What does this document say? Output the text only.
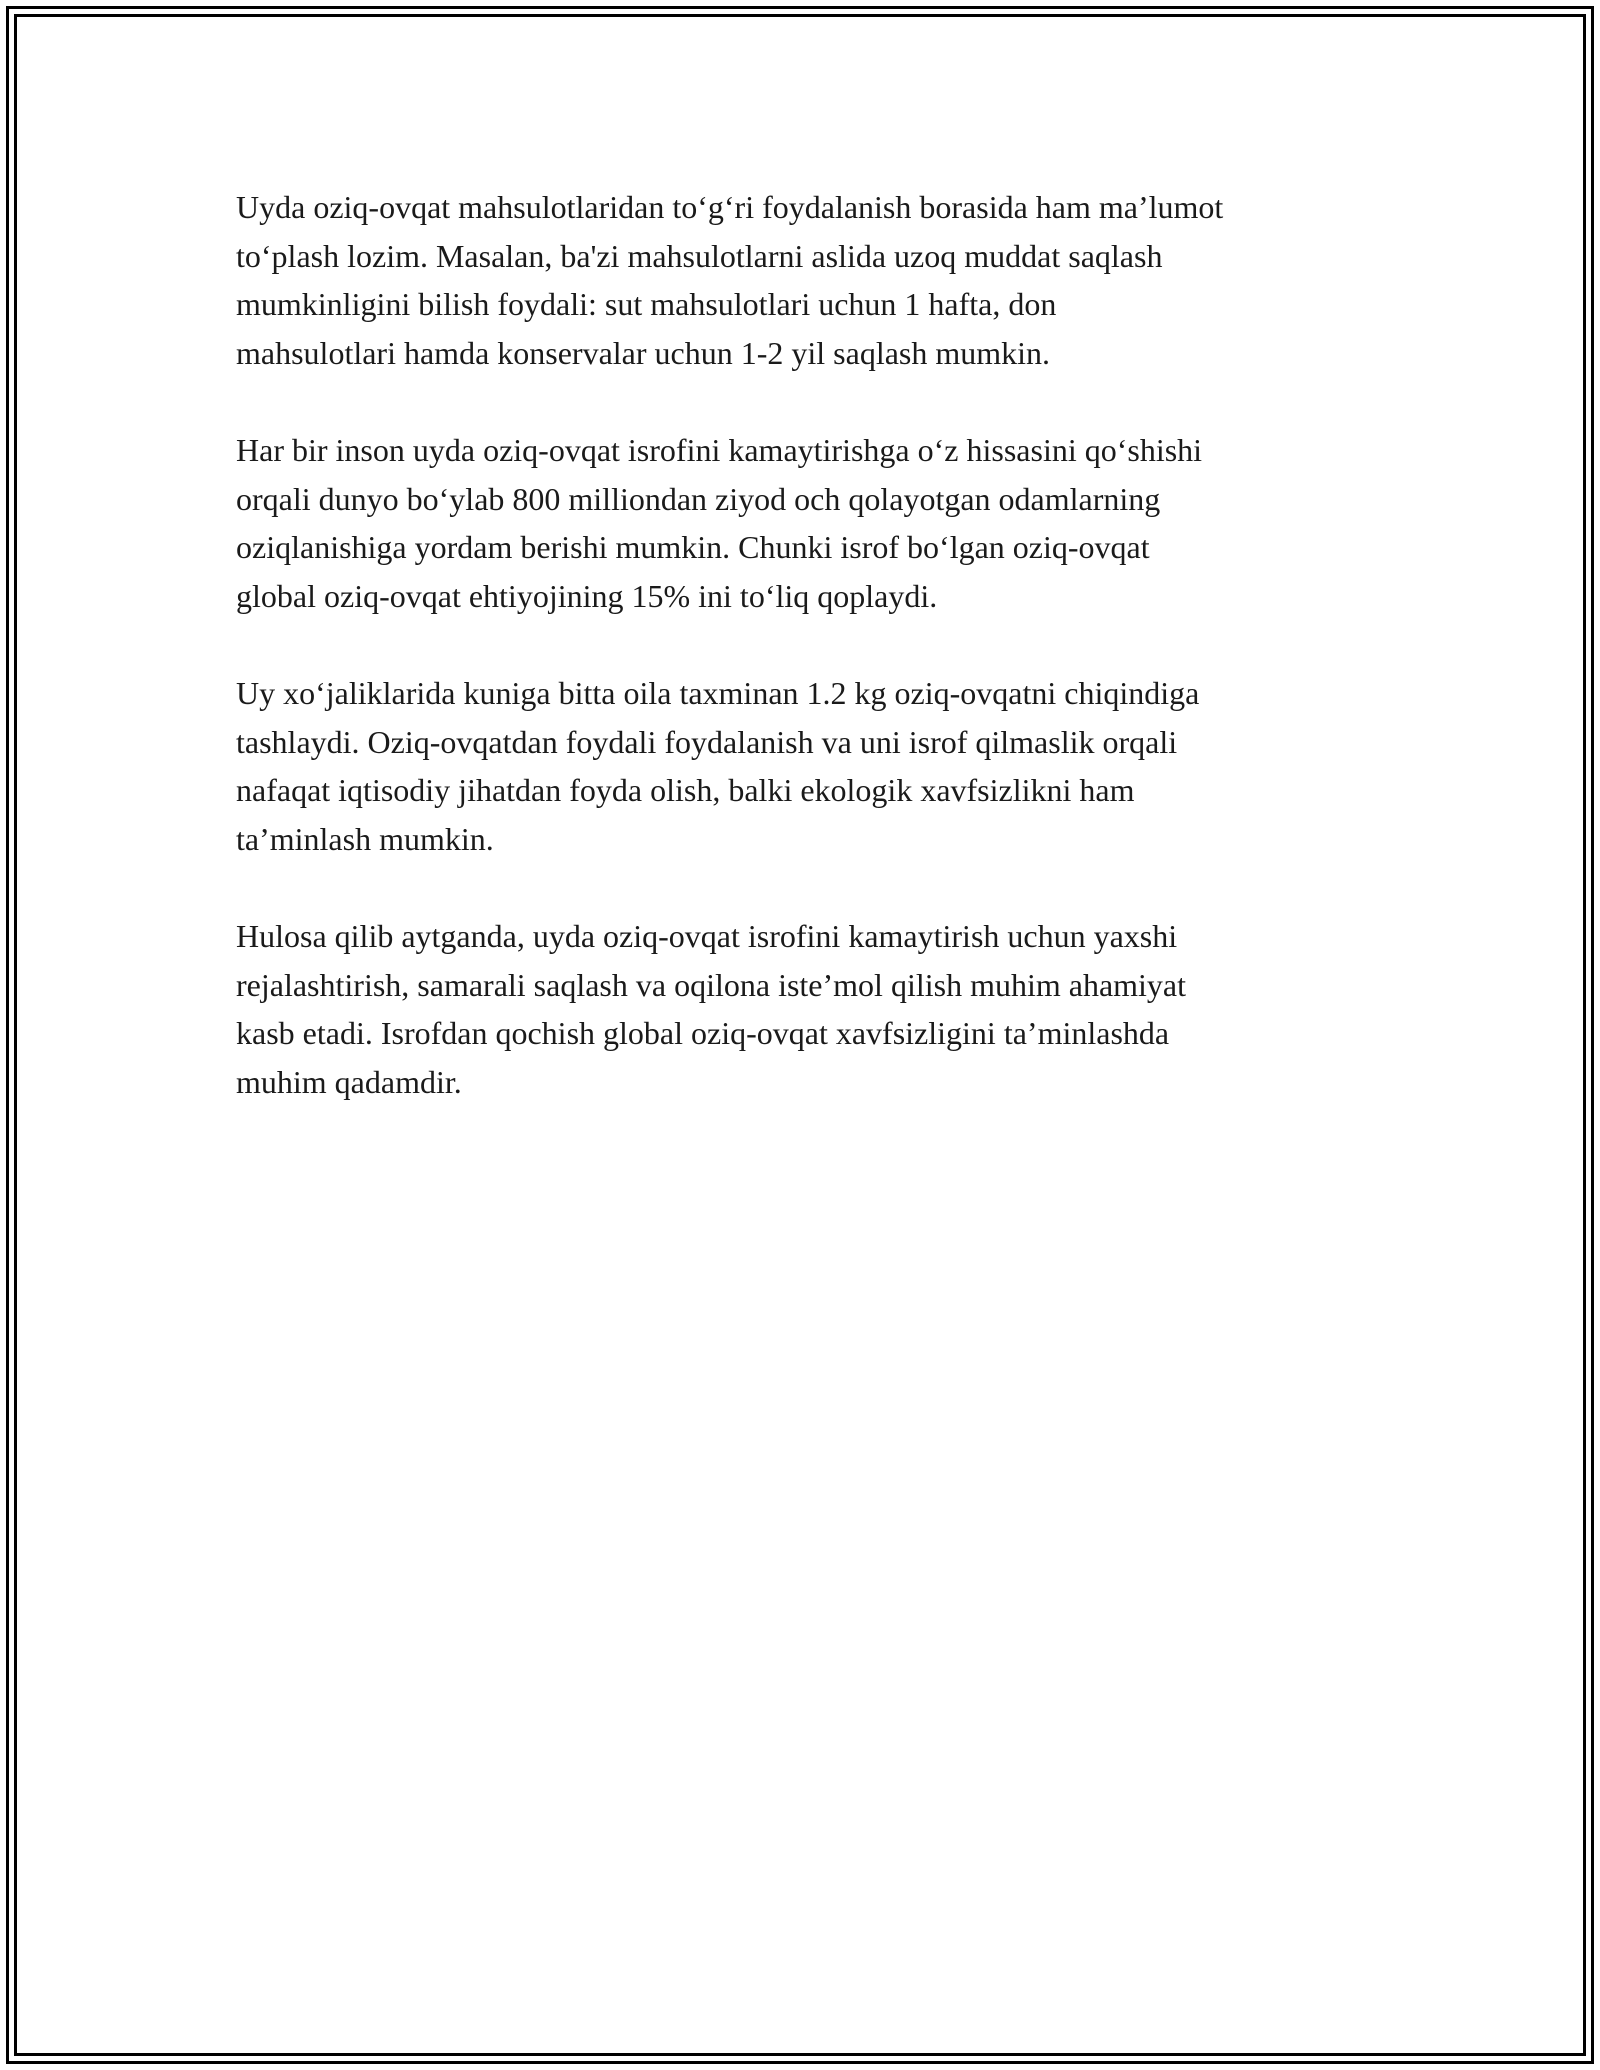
Uyda oziq-ovqat mahsulotlaridan to‘g‘ri foydalanish borasida ham ma’lumot
to‘plash lozim. Masalan, ba'zi mahsulotlarni aslida uzoq muddat saqlash
mumkinligini bilish foydali: sut mahsulotlari uchun 1 hafta, don
mahsulotlari hamda konservalar uchun 1-2 yil saqlash mumkin.

Har bir inson uyda oziq-ovqat isrofini kamaytirishga o‘z hissasini qo‘shishi
orqali dunyo bo‘ylab 800 milliondan ziyod och qolayotgan odamlarning
oziqlanishiga yordam berishi mumkin. Chunki isrof bo‘lgan oziq-ovqat
global oziq-ovqat ehtiyojining 15% ini to‘liq qoplaydi.

Uy xo‘jaliklarida kuniga bitta oila taxminan 1.2 kg oziq-ovqatni chiqindiga
tashlaydi. Oziq-ovqatdan foydali foydalanish va uni isrof qilmaslik orqali
nafaqat iqtisodiy jihatdan foyda olish, balki ekologik xavfsizlikni ham
ta’minlash mumkin.

Hulosa qilib aytganda, uyda oziq-ovqat isrofini kamaytirish uchun yaxshi
rejalashtirish, samarali saqlash va oqilona iste’mol qilish muhim ahamiyat
kasb etadi. Isrofdan qochish global oziq-ovqat xavfsizligini ta’minlashda
muhim qadamdir.
